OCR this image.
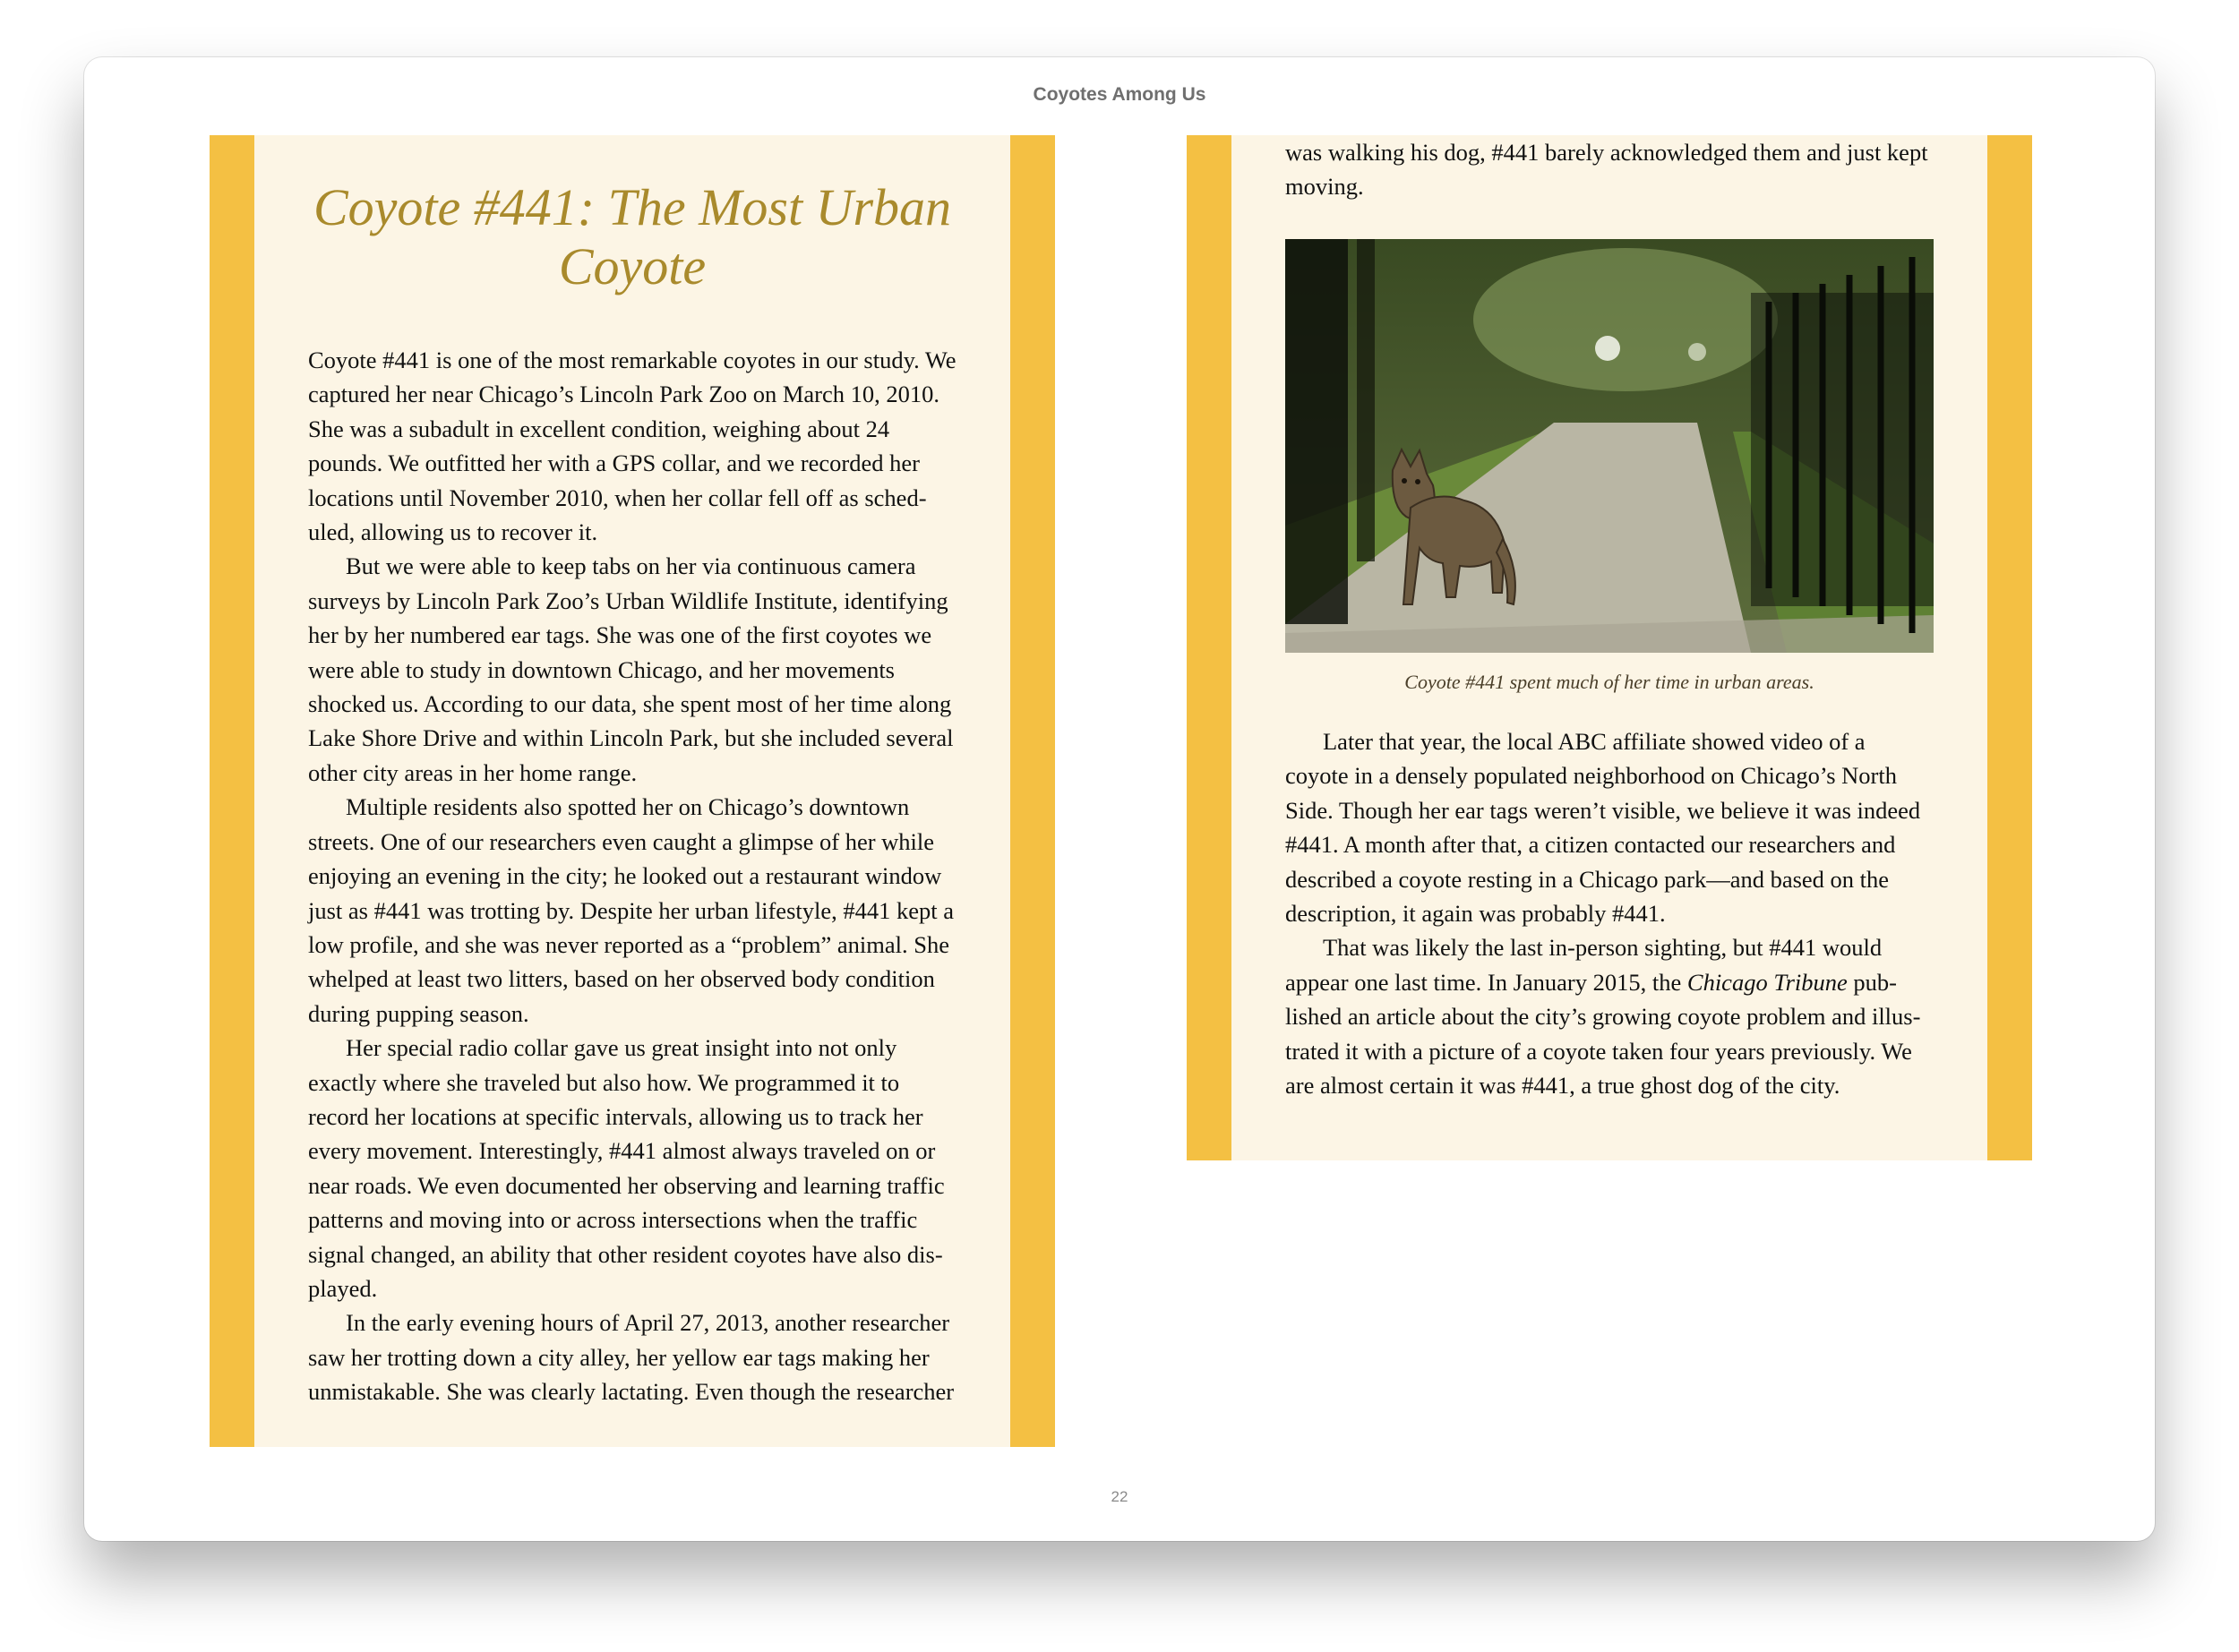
Coyotes Among Us
Coyote #441: The Most Urban Coyote

Coyote #441 is one of the most remarkable coyotes in our study. We captured her near Chicago’s Lincoln Park Zoo on March 10, 2010. She was a subadult in excellent condition, weighing about 24 pounds. We outfitted her with a GPS collar, and we recorded her locations until November 2010, when her collar fell off as sched-uled, allowing us to recover it.

But we were able to keep tabs on her via continuous camera surveys by Lincoln Park Zoo’s Urban Wildlife Institute, identifying her by her numbered ear tags. She was one of the first coyotes we were able to study in downtown Chicago, and her movements shocked us. According to our data, she spent most of her time along Lake Shore Drive and within Lincoln Park, but she included several other city areas in her home range.

Multiple residents also spotted her on Chicago’s downtown streets. One of our researchers even caught a glimpse of her while enjoying an evening in the city; he looked out a restaurant window just as #441 was trotting by. Despite her urban lifestyle, #441 kept a low profile, and she was never reported as a “problem” animal. She whelped at least two litters, based on her observed body condition during pupping season.

Her special radio collar gave us great insight into not only exactly where she traveled but also how. We programmed it to record her locations at specific intervals, allowing us to track her every movement. Interestingly, #441 almost always traveled on or near roads. We even documented her observing and learning traffic patterns and moving into or across intersections when the traffic signal changed, an ability that other resident coyotes have also dis-played.

In the early evening hours of April 27, 2013, another researcher saw her trotting down a city alley, her yellow ear tags making her unmistakable. She was clearly lactating. Even though the researcher

was walking his dog, #441 barely acknowledged them and just kept moving.

Coyote #441 spent much of her time in urban areas.

Later that year, the local ABC affiliate showed video of a coyote in a densely populated neighborhood on Chicago’s North Side. Though her ear tags weren’t visible, we believe it was indeed #441. A month after that, a citizen contacted our researchers and described a coyote resting in a Chicago park—and based on the description, it again was probably #441.

That was likely the last in-person sighting, but #441 would appear one last time. In January 2015, the Chicago Tribune pub-lished an article about the city’s growing coyote problem and illus-trated it with a picture of a coyote taken four years previously. We are almost certain it was #441, a true ghost dog of the city.

22
